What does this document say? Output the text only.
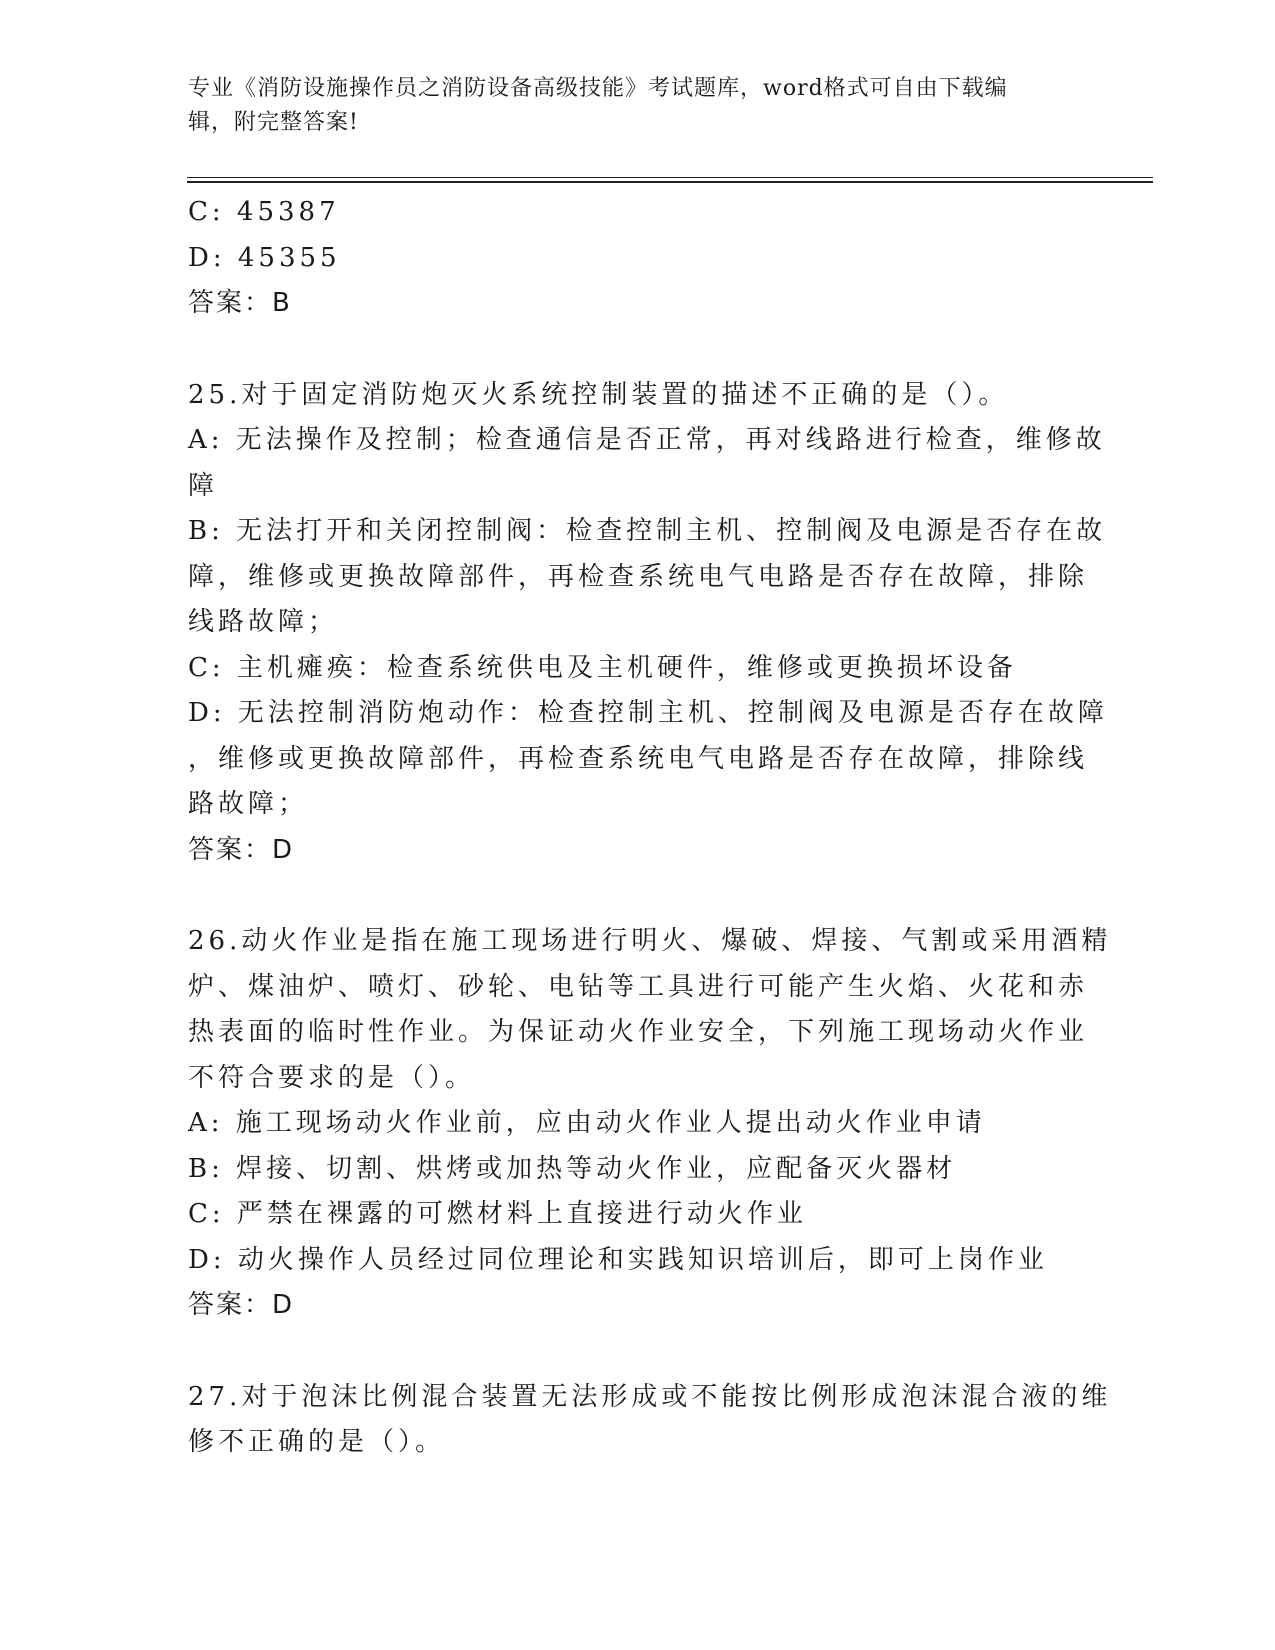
专业《消防设施操作员之消防设备高级技能》考试题库，word格式可自由下载编
辑，附完整答案!
C: 45387
D: 45355
答案：B
25.对于固定消防炮灭火系统控制装置的描述不正确的是（）。
A: 无法操作及控制；检查通信是否正常，再对线路进行检查，维修故
障
B: 无法打开和关闭控制阀：检查控制主机、控制阀及电源是否存在故
障，维修或更换故障部件，再检查系统电气电路是否存在故障，排除
线路故障；
C: 主机瘫痪：检查系统供电及主机硬件，维修或更换损坏设备
D: 无法控制消防炮动作：检查控制主机、控制阀及电源是否存在故障
，维修或更换故障部件，再检查系统电气电路是否存在故障，排除线
路故障；
答案：D
26.动火作业是指在施工现场进行明火、爆破、焊接、气割或采用酒精
炉、煤油炉、喷灯、砂轮、电钻等工具进行可能产生火焰、火花和赤
热表面的临时性作业。为保证动火作业安全，下列施工现场动火作业
不符合要求的是（）。
A: 施工现场动火作业前，应由动火作业人提出动火作业申请
B: 焊接、切割、烘烤或加热等动火作业，应配备灭火器材
C: 严禁在裸露的可燃材料上直接进行动火作业
D: 动火操作人员经过同位理论和实践知识培训后，即可上岗作业
答案：D
27.对于泡沫比例混合装置无法形成或不能按比例形成泡沫混合液的维
修不正确的是（）。
